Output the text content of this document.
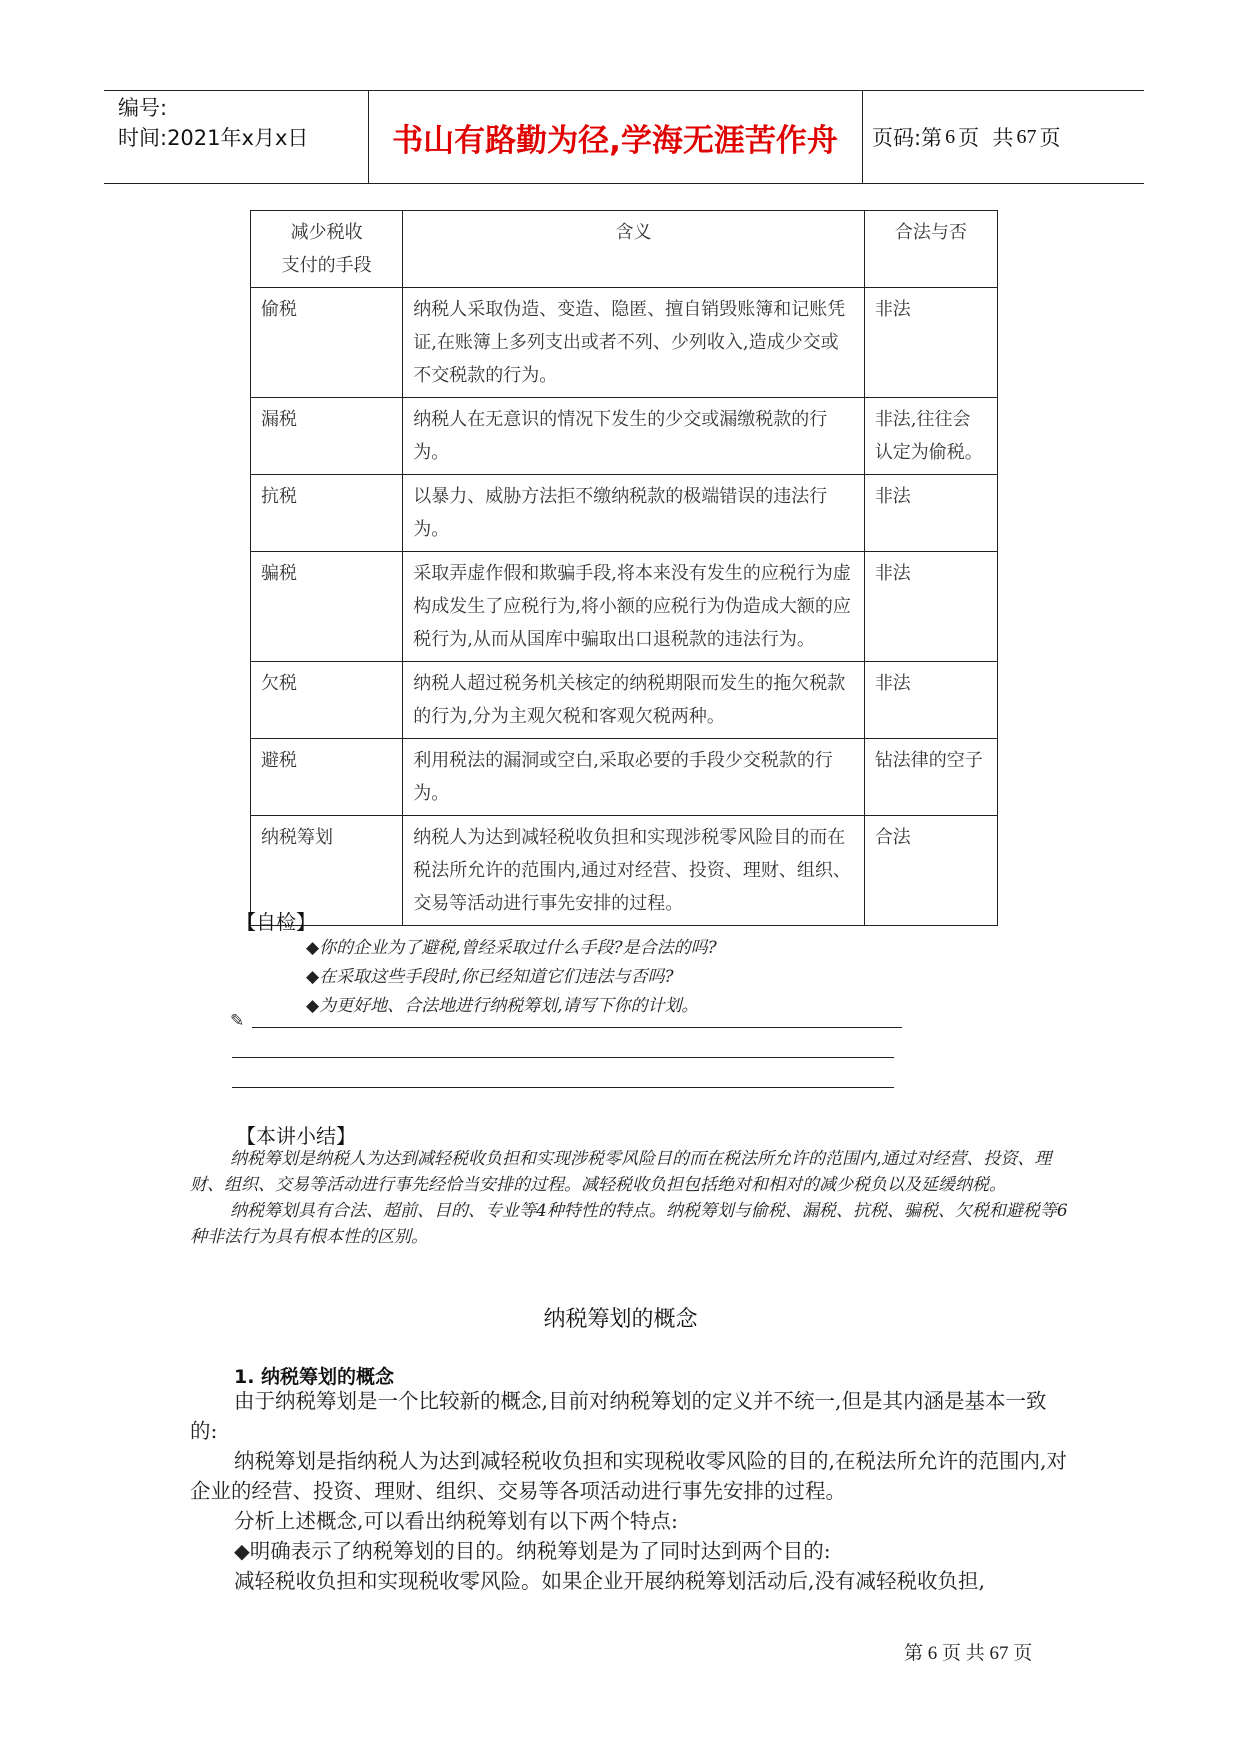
编号:
时间:2021年x月x日	书山有路勤为径,学海无涯苦作舟	页码:第 6 页  共 67 页
减少税收
支付的手段	含义	合法与否
偷税	纳税人采取伪造、变造、隐匿、擅自销毁账簿和记账凭证,在账簿上多列支出或者不列、少列收入,造成少交或不交税款的行为。	非法
漏税	纳税人在无意识的情况下发生的少交或漏缴税款的行为。	非法,往往会认定为偷税。
抗税	以暴力、威胁方法拒不缴纳税款的极端错误的违法行为。	非法
骗税	采取弄虚作假和欺骗手段,将本来没有发生的应税行为虚构成发生了应税行为,将小额的应税行为伪造成大额的应税行为,从而从国库中骗取出口退税款的违法行为。	非法
欠税	纳税人超过税务机关核定的纳税期限而发生的拖欠税款的行为,分为主观欠税和客观欠税两种。	非法
避税	利用税法的漏洞或空白,采取必要的手段少交税款的行为。	钻法律的空子
纳税筹划	纳税人为达到减轻税收负担和实现涉税零风险目的而在税法所允许的范围内,通过对经营、投资、理财、组织、交易等活动进行事先安排的过程。	合法
【自检】
◆你的企业为了避税,曾经采取过什么手段?是合法的吗?
◆在采取这些手段时,你已经知道它们违法与否吗?
◆为更好地、合法地进行纳税筹划,请写下你的计划。
✎
【本讲小结】

纳税筹划是纳税人为达到减轻税收负担和实现涉税零风险目的而在税法所允许的范围内,通过对经营、投资、理财、组织、交易等活动进行事先经恰当安排的过程。减轻税收负担包括绝对和相对的减少税负以及延缓纳税。

纳税筹划具有合法、超前、目的、专业等4种特性的特点。纳税筹划与偷税、漏税、抗税、骗税、欠税和避税等6种非法行为具有根本性的区别。

纳税筹划的概念
1. 纳税筹划的概念

由于纳税筹划是一个比较新的概念,目前对纳税筹划的定义并不统一,但是其内涵是基本一致的:

纳税筹划是指纳税人为达到减轻税收负担和实现税收零风险的目的,在税法所允许的范围内,对企业的经营、投资、理财、组织、交易等各项活动进行事先安排的过程。

分析上述概念,可以看出纳税筹划有以下两个特点:

◆明确表示了纳税筹划的目的。纳税筹划是为了同时达到两个目的:

减轻税收负担和实现税收零风险。如果企业开展纳税筹划活动后,没有减轻税收负担,

第 6 页 共 67 页
